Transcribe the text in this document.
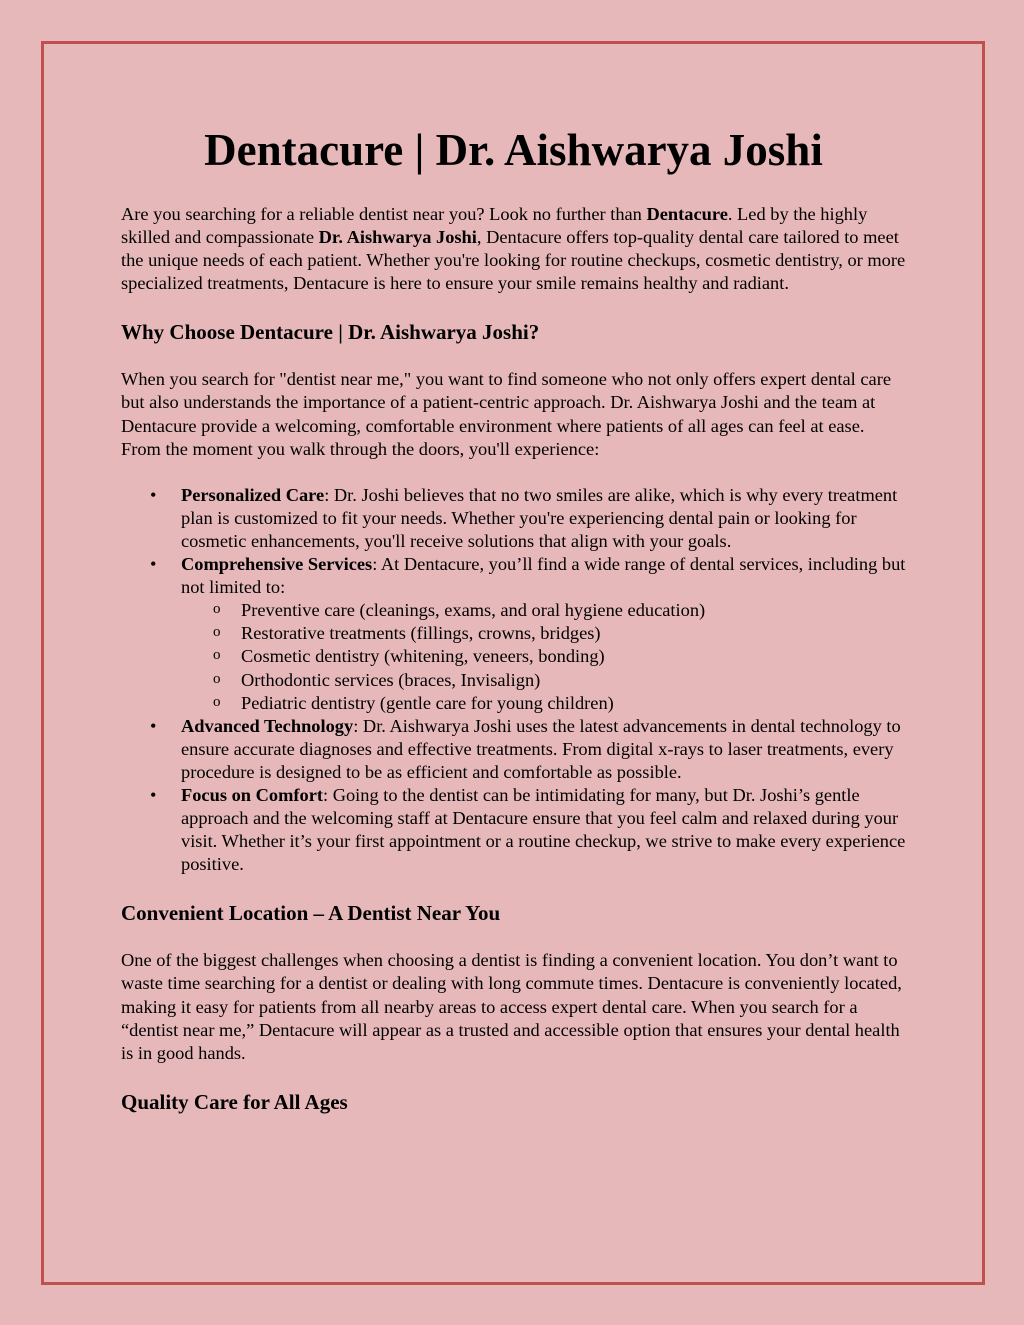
Dentacure | Dr. Aishwarya Joshi

Are you searching for a reliable dentist near you? Look no further than Dentacure. Led by the highly skilled and compassionate Dr. Aishwarya Joshi, Dentacure offers top-quality dental care tailored to meet the unique needs of each patient. Whether you're looking for routine checkups, cosmetic dentistry, or more specialized treatments, Dentacure is here to ensure your smile remains healthy and radiant.

Why Choose Dentacure | Dr. Aishwarya Joshi?

When you search for "dentist near me," you want to find someone who not only offers expert dental care but also understands the importance of a patient-centric approach. Dr. Aishwarya Joshi and the team at Dentacure provide a welcoming, comfortable environment where patients of all ages can feel at ease. From the moment you walk through the doors, you'll experience:

• Personalized Care: Dr. Joshi believes that no two smiles are alike, which is why every treatment plan is customized to fit your needs. Whether you're experiencing dental pain or looking for cosmetic enhancements, you'll receive solutions that align with your goals.
• Comprehensive Services: At Dentacure, you’ll find a wide range of dental services, including but not limited to:
o Preventive care (cleanings, exams, and oral hygiene education)
o Restorative treatments (fillings, crowns, bridges)
o Cosmetic dentistry (whitening, veneers, bonding)
o Orthodontic services (braces, Invisalign)
o Pediatric dentistry (gentle care for young children)
• Advanced Technology: Dr. Aishwarya Joshi uses the latest advancements in dental technology to ensure accurate diagnoses and effective treatments. From digital x-rays to laser treatments, every procedure is designed to be as efficient and comfortable as possible.
• Focus on Comfort: Going to the dentist can be intimidating for many, but Dr. Joshi’s gentle approach and the welcoming staff at Dentacure ensure that you feel calm and relaxed during your visit. Whether it’s your first appointment or a routine checkup, we strive to make every experience positive.
Convenient Location – A Dentist Near You

One of the biggest challenges when choosing a dentist is finding a convenient location. You don’t want to waste time searching for a dentist or dealing with long commute times. Dentacure is conveniently located, making it easy for patients from all nearby areas to access expert dental care. When you search for a “dentist near me,” Dentacure will appear as a trusted and accessible option that ensures your dental health is in good hands.

Quality Care for All Ages
